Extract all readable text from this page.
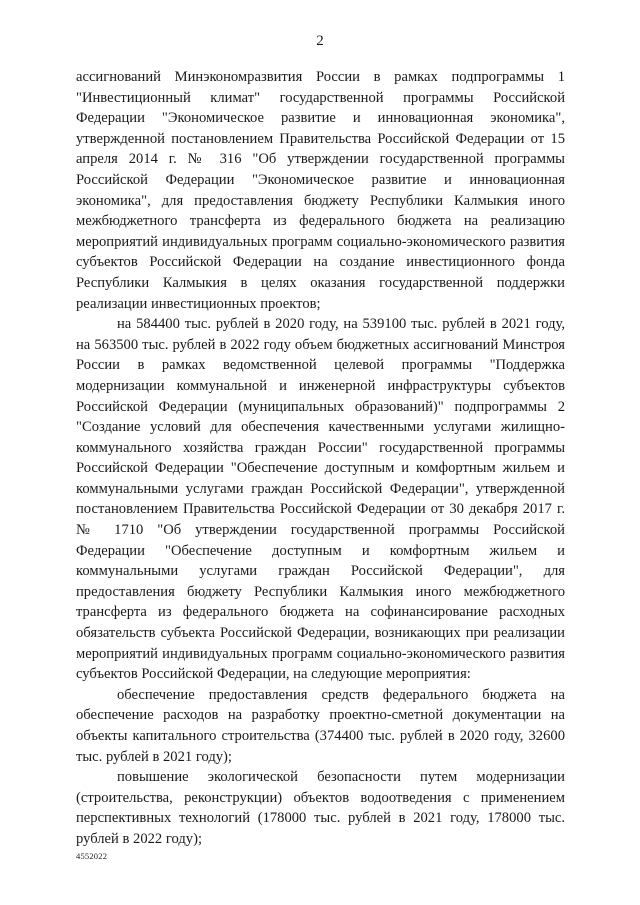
2

ассигнований Минэкономразвития России в рамках подпрограммы 1 "Инвестиционный климат" государственной программы Российской Федерации "Экономическое развитие и инновационная экономика", утвержденной постановлением Правительства Российской Федерации от 15 апреля 2014 г. № 316 "Об утверждении государственной программы Российской Федерации "Экономическое развитие и инновационная экономика", для предоставления бюджету Республики Калмыкия иного межбюджетного трансферта из федерального бюджета на реализацию мероприятий индивидуальных программ социально-экономического развития субъектов Российской Федерации на создание инвестиционного фонда Республики Калмыкия в целях оказания государственной поддержки реализации инвестиционных проектов;

на 584400 тыс. рублей в 2020 году, на 539100 тыс. рублей в 2021 году, на 563500 тыс. рублей в 2022 году объем бюджетных ассигнований Минстроя России в рамках ведомственной целевой программы "Поддержка модернизации коммунальной и инженерной инфраструктуры субъектов Российской Федерации (муниципальных образований)" подпрограммы 2 "Создание условий для обеспечения качественными услугами жилищно-коммунального хозяйства граждан России" государственной программы Российской Федерации "Обеспечение доступным и комфортным жильем и коммунальными услугами граждан Российской Федерации", утвержденной постановлением Правительства Российской Федерации от 30 декабря 2017 г. № 1710 "Об утверждении государственной программы Российской Федерации "Обеспечение доступным и комфортным жильем и коммунальными услугами граждан Российской Федерации", для предоставления бюджету Республики Калмыкия иного межбюджетного трансферта из федерального бюджета на софинансирование расходных обязательств субъекта Российской Федерации, возникающих при реализации мероприятий индивидуальных программ социально-экономического развития субъектов Российской Федерации, на следующие мероприятия:

обеспечение предоставления средств федерального бюджета на обеспечение расходов на разработку проектно-сметной документации на объекты капитального строительства (374400 тыс. рублей в 2020 году, 32600 тыс. рублей в 2021 году);

повышение экологической безопасности путем модернизации (строительства, реконструкции) объектов водоотведения с применением перспективных технологий (178000 тыс. рублей в 2021 году, 178000 тыс. рублей в 2022 году);

4552022
